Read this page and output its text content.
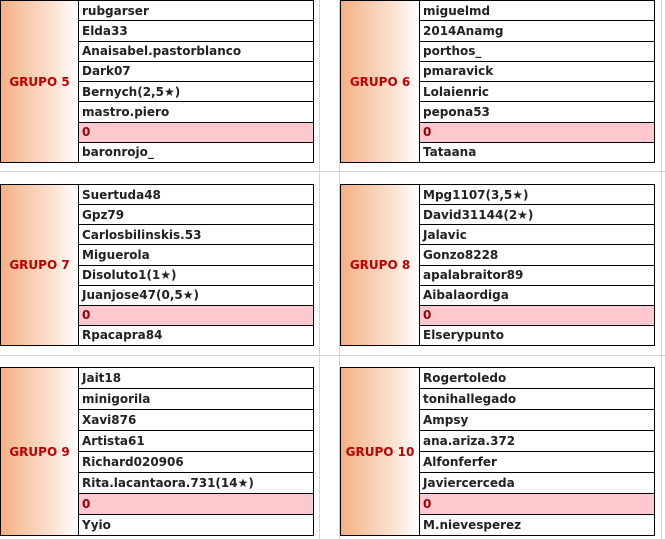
GRUPO 5
rubgarser
Elda33
Anaisabel.pastorblanco
Dark07
Bernych(2,5★)
mastro.piero
0
baronrojo_
GRUPO 6
miguelmd
2014Anamg
porthos_
pmaravick
Lolaienric
pepona53
0
Tataana
GRUPO 7
Suertuda48
Gpz79
Carlosbilinskis.53
Miguerola
Disoluto1(1★)
Juanjose47(0,5★)
0
Rpacapra84
GRUPO 8
Mpg1107(3,5★)
David31144(2★)
Jalavic
Gonzo8228
apalabraitor89
Aibalaordiga
0
Elserypunto
GRUPO 9
Jait18
minigorila
Xavi876
Artista61
Richard020906
Rita.lacantaora.731(14★)
0
Yyio
GRUPO 10
Rogertoledo
tonihallegado
Ampsy
ana.ariza.372
Alfonferfer
Javiercerceda
0
M.nievesperez
